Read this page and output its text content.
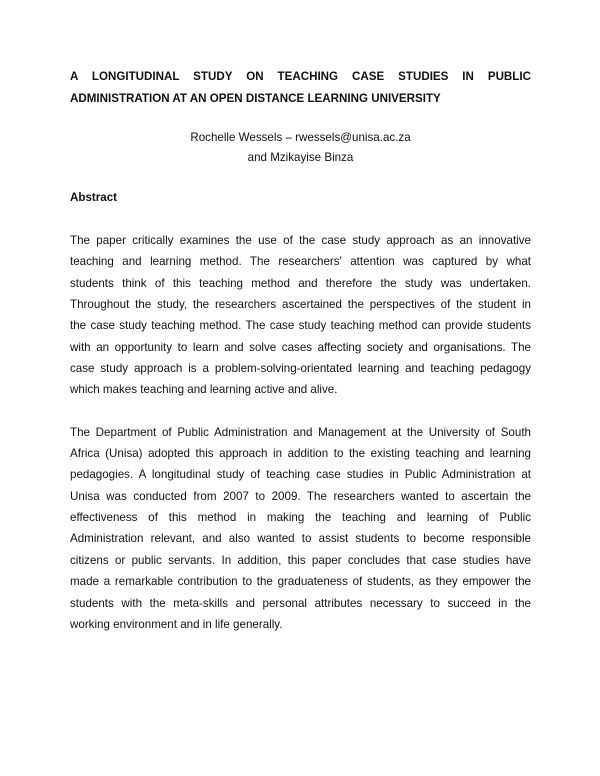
A LONGITUDINAL STUDY ON TEACHING CASE STUDIES IN PUBLIC
ADMINISTRATION AT AN OPEN DISTANCE LEARNING UNIVERSITY
Rochelle Wessels – rwessels@unisa.ac.za
and Mzikayise Binza
Abstract
The paper critically examines the use of the case study approach as an innovative
teaching and learning method. The researchers' attention was captured by what
students think of this teaching method and therefore the study was undertaken.
Throughout the study, the researchers ascertained the perspectives of the student in
the case study teaching method. The case study teaching method can provide students
with an opportunity to learn and solve cases affecting society and organisations. The
case study approach is a problem-solving-orientated learning and teaching pedagogy
which makes teaching and learning active and alive.
The Department of Public Administration and Management at the University of South
Africa (Unisa) adopted this approach in addition to the existing teaching and learning
pedagogies. A longitudinal study of teaching case studies in Public Administration at
Unisa was conducted from 2007 to 2009. The researchers wanted to ascertain the
effectiveness of this method in making the teaching and learning of Public
Administration relevant, and also wanted to assist students to become responsible
citizens or public servants. In addition, this paper concludes that case studies have
made a remarkable contribution to the graduateness of students, as they empower the
students with the meta-skills and personal attributes necessary to succeed in the
working environment and in life generally.
